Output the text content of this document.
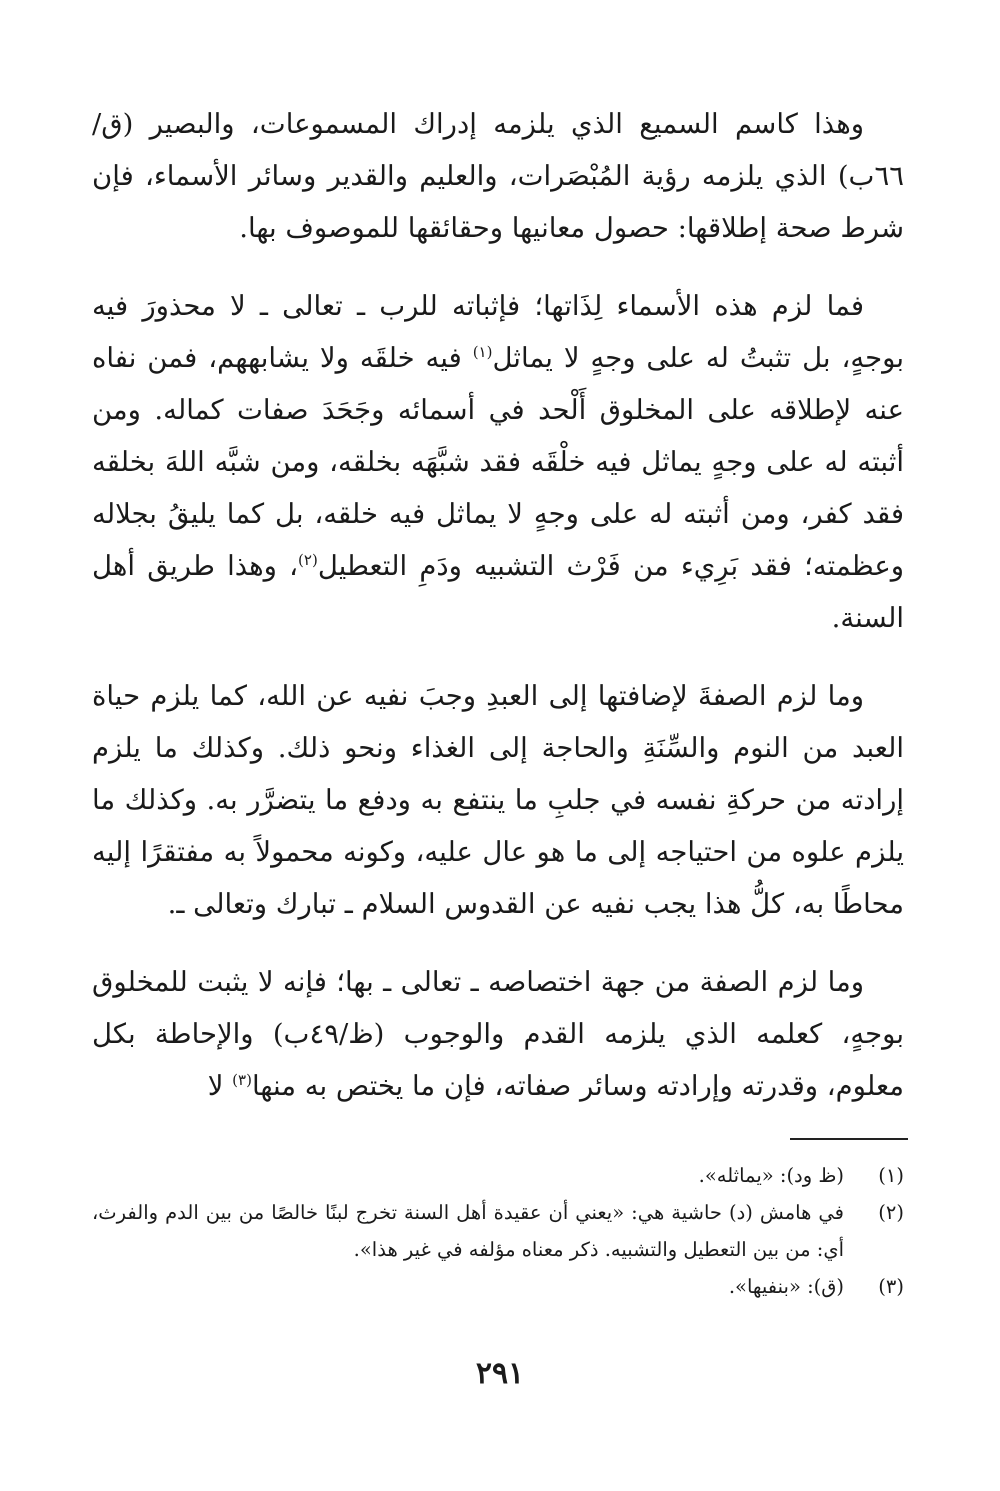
وهذا كاسم السميع الذي يلزمه إدراك المسموعات، والبصير (ق/٦٦ب) الذي يلزمه رؤية المُبْصَرات، والعليم والقدير وسائر الأسماء، فإن شرط صحة إطلاقها: حصول معانيها وحقائقها للموصوف بها.

فما لزم هذه الأسماء لِذَاتها؛ فإثباته للرب ـ تعالى ـ لا محذورَ فيه بوجهٍ، بل تثبتُ له على وجهٍ لا يماثل$^{(١)}$ فيه خلقَه ولا يشابههم، فمن نفاه عنه لإطلاقه على المخلوق أَلْحد في أسمائه وجَحَدَ صفات كماله. ومن أثبته له على وجهٍ يماثل فيه خلْقَه فقد شبَّهَه بخلقه، ومن شبَّه اللهَ بخلقه فقد كفر، ومن أثبته له على وجهٍ لا يماثل فيه خلقه، بل كما يليقُ بجلاله وعظمته؛ فقد بَرِيء من فَرْث التشبيه ودَمِ التعطيل$^{(٢)}$، وهذا طريق أهل السنة.

وما لزم الصفةَ لإضافتها إلى العبدِ وجبَ نفيه عن الله، كما يلزم حياة العبد من النوم والسِّنَةِ والحاجة إلى الغذاء ونحو ذلك. وكذلك ما يلزم إرادته من حركةِ نفسه في جلبِ ما ينتفع به ودفع ما يتضرَّر به. وكذلك ما يلزم علوه من احتياجه إلى ما هو عال عليه، وكونه محمولاً به مفتقرًا إليه محاطًا به، كلُّ هذا يجب نفيه عن القدوس السلام ـ تبارك وتعالى ـ.

وما لزم الصفة من جهة اختصاصه ـ تعالى ـ بها؛ فإنه لا يثبت للمخلوق بوجهٍ، كعلمه الذي يلزمه القدم والوجوب (ظ/٤٩ب) والإحاطة بكل معلوم، وقدرته وإرادته وسائر صفاته، فإن ما يختص به منها$^{(٣)}$ لا

(١)
(ظ ود): «يماثله».
(٢)
في هامش (د) حاشية هي: «يعني أن عقيدة أهل السنة تخرج لبنًا خالصًا من بين الدم والفرث، أي: من بين التعطيل والتشبيه. ذكر معناه مؤلفه في غير هذا».
(٣)
(ق): «بنفيها».
٢٩١
